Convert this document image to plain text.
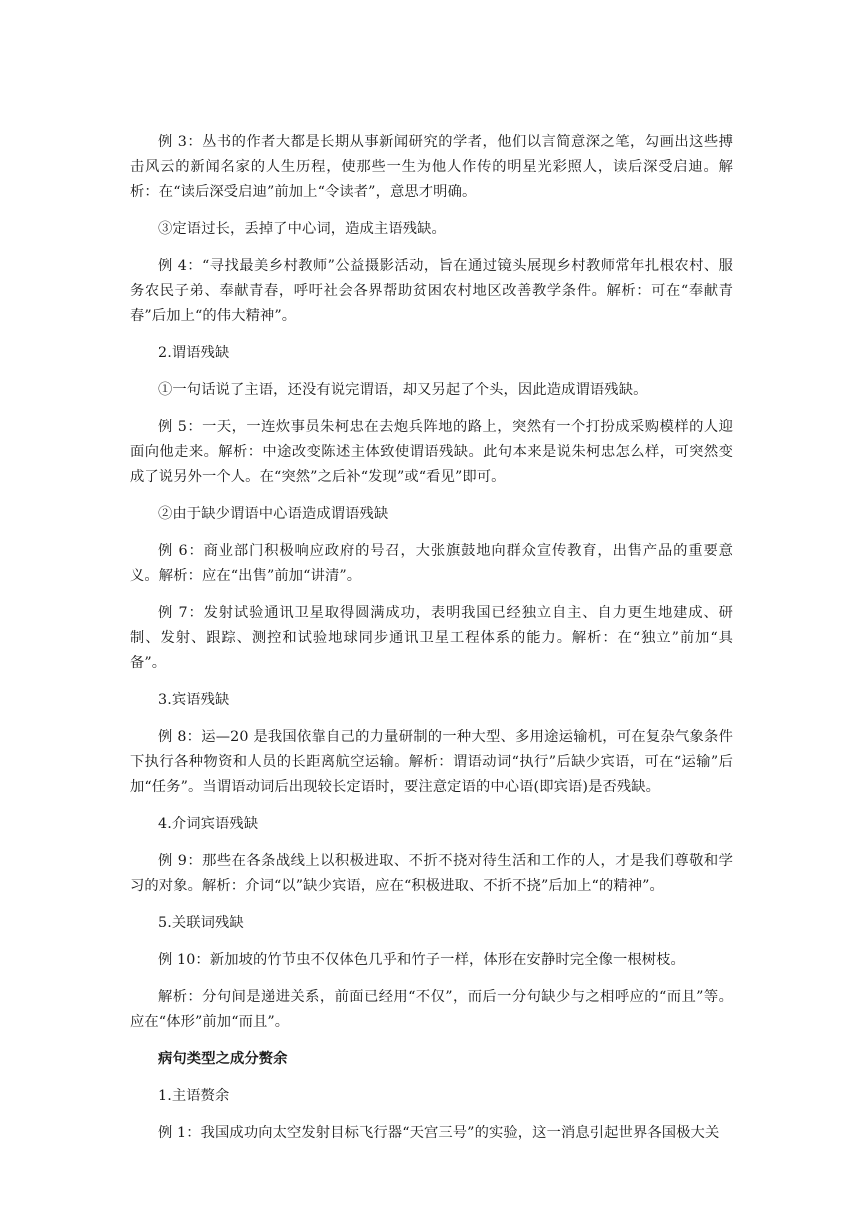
例 3：丛书的作者大都是长期从事新闻研究的学者，他们以言简意深之笔，勾画出这些搏击风云的新闻名家的人生历程，使那些一生为他人作传的明星光彩照人，读后深受启迪。解析：在“读后深受启迪”前加上“令读者”，意思才明确。

③定语过长，丢掉了中心词，造成主语残缺。

例 4：“寻找最美乡村教师”公益摄影活动，旨在通过镜头展现乡村教师常年扎根农村、服务农民子弟、奉献青春，呼吁社会各界帮助贫困农村地区改善教学条件。解析：可在“奉献青春”后加上“的伟大精神”。

2.谓语残缺

①一句话说了主语，还没有说完谓语，却又另起了个头，因此造成谓语残缺。

例 5：一天，一连炊事员朱柯忠在去炮兵阵地的路上，突然有一个打扮成采购模样的人迎面向他走来。解析：中途改变陈述主体致使谓语残缺。此句本来是说朱柯忠怎么样，可突然变成了说另外一个人。在“突然”之后补“发现”或“看见”即可。

②由于缺少谓语中心语造成谓语残缺

例 6：商业部门积极响应政府的号召，大张旗鼓地向群众宣传教育，出售产品的重要意义。解析：应在“出售”前加“讲清”。

例 7：发射试验通讯卫星取得圆满成功，表明我国已经独立自主、自力更生地建成、研制、发射、跟踪、测控和试验地球同步通讯卫星工程体系的能力。解析：在“独立”前加“具备”。

3.宾语残缺

例 8：运—20 是我国依靠自己的力量研制的一种大型、多用途运输机，可在复杂气象条件下执行各种物资和人员的长距离航空运输。解析：谓语动词“执行”后缺少宾语，可在“运输”后加“任务”。当谓语动词后出现较长定语时，要注意定语的中心语(即宾语)是否残缺。

4.介词宾语残缺

例 9：那些在各条战线上以积极进取、不折不挠对待生活和工作的人，才是我们尊敬和学习的对象。解析：介词“以”缺少宾语，应在“积极进取、不折不挠”后加上“的精神”。

5.关联词残缺

例 10：新加坡的竹节虫不仅体色几乎和竹子一样，体形在安静时完全像一根树枝。

解析：分句间是递进关系，前面已经用“不仅”，而后一分句缺少与之相呼应的“而且”等。应在“体形”前加“而且”。

病句类型之成分赘余

1.主语赘余

例 1：我国成功向太空发射目标飞行器“天宫三号”的实验，这一消息引起世界各国极大关
